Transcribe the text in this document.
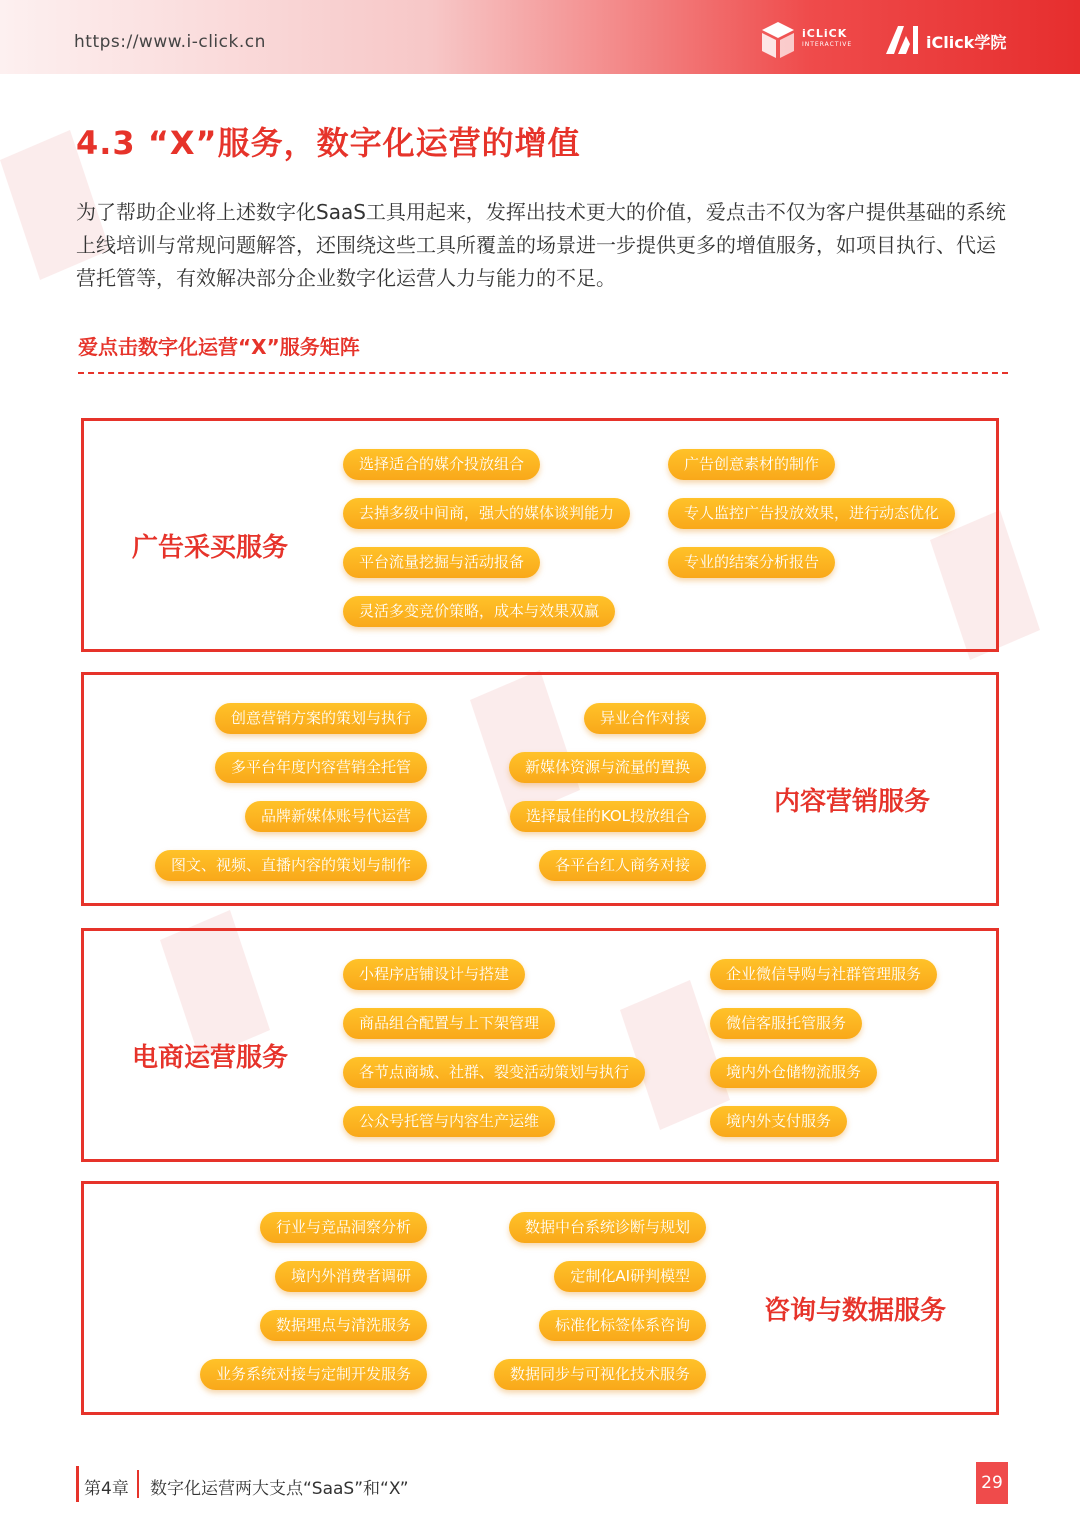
https://www.i-click.cn	iCLiCK
INTERACTIVE	iClick学院
4.3 “X”服务，数字化运营的增值
为了帮助企业将上述数字化SaaS工具用起来，发挥出技术更大的价值，爱点击不仅为客户提供基础的系统上线培训与常规问题解答，还围绕这些工具所覆盖的场景进一步提供更多的增值服务，如项目执行、代运营托管等，有效解决部分企业数字化运营人力与能力的不足。
爱点击数字化运营“X”服务矩阵
广告采买服务
选择适合的媒介投放组合
去掉多级中间商，强大的媒体谈判能力
平台流量挖掘与活动报备
灵活多变竞价策略，成本与效果双赢
广告创意素材的制作
专人监控广告投放效果，进行动态优化
专业的结案分析报告
内容营销服务
创意营销方案的策划与执行
多平台年度内容营销全托管
品牌新媒体账号代运营
图文、视频、直播内容的策划与制作
异业合作对接
新媒体资源与流量的置换
选择最佳的KOL投放组合
各平台红人商务对接
电商运营服务
小程序店铺设计与搭建
商品组合配置与上下架管理
各节点商城、社群、裂变活动策划与执行
公众号托管与内容生产运维
企业微信导购与社群管理服务
微信客服托管服务
境内外仓储物流服务
境内外支付服务
咨询与数据服务
行业与竞品洞察分析
境内外消费者调研
数据埋点与清洗服务
业务系统对接与定制开发服务
数据中台系统诊断与规划
定制化AI研判模型
标准化标签体系咨询
数据同步与可视化技术服务
第4章 数字化运营两大支点“SaaS”和“X”	29
